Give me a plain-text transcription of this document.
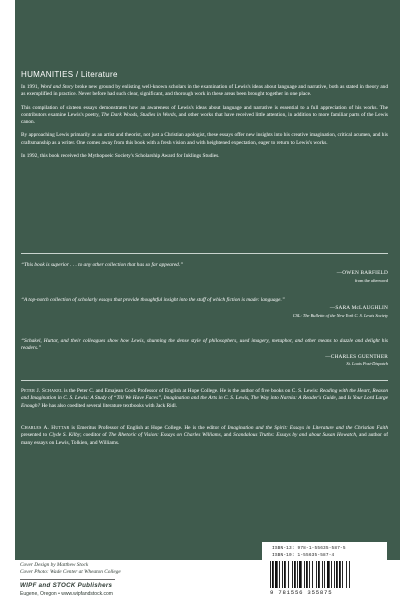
HUMANITIES / Literature

In 1991, Word and Story broke new ground by enlisting well-known scholars in the examination of Lewis's ideas about language and narrative, both as stated in theory and as exemplified in practice. Never before had such clear, significant, and thorough work in these areas been brought together in one place.

This compilation of sixteen essays demonstrates how an awareness of Lewis's ideas about language and narrative is essential to a full appreciation of his works. The contributors examine Lewis's poetry, The Dark Woods, Studies in Words, and other works that have received little attention, in addition to more familiar parts of the Lewis canon.

By approaching Lewis primarily as an artist and theorist, not just a Christian apologist, these essays offer new insights into his creative imagination, critical acumen, and his craftsmanship as a writer. One comes away from this book with a fresh vision and with heightened expectation, eager to return to Lewis's works.

In 1992, this book received the Mythopoeic Society's Scholarship Award for Inklings Studies.

“This book is superior . . . to any other collection that has so far appeared.”

—OWEN BARFIELD

from the afterword

“A top-notch collection of scholarly essays that provide thoughtful insight into the stuff of which fiction is made: language.”

—SARA McLAUGHLIN

CSL: The Bulletin of the New York C. S. Lewis Society

“Schakel, Huttar, and their colleagues show how Lewis, shunning the dense style of philosophers, used imagery, metaphor, and other means to dazzle and delight his readers.”

—CHARLES GUENTHER

St. Louis Post-Dispatch

Peter J. Schakel is the Peter C. and Emajean Cook Professor of English at Hope College. He is the author of five books on C. S. Lewis: Reading with the Heart, Reason and Imagination in C. S. Lewis: A Study of “Till We Have Faces”, Imagination and the Arts in C. S. Lewis, The Way into Narnia: A Reader's Guide, and Is Your Lord Large Enough? He has also coedited several literature textbooks with Jack Ridl.

Charles A. Huttar is Emeritus Professor of English at Hope College. He is the editor of Imagination and the Spirit: Essays in Literature and the Christian Faith presented to Clyde S. Kilby; coeditor of The Rhetoric of Vision: Essays on Charles Williams, and Scandalous Truths: Essays by and about Susan Howatch, and author of many essays on Lewis, Tolkien, and Williams.

Cover Design by Matthew Stock

Cover Photo: Wade Center at Wheaton College

WIPF and STOCK Publishers

Eugene, Oregon • www.wipfandstock.com

ISBN-13: 978-1-55635-587-5
ISBN-10: 1-55635-587-4
9 781556 355875
